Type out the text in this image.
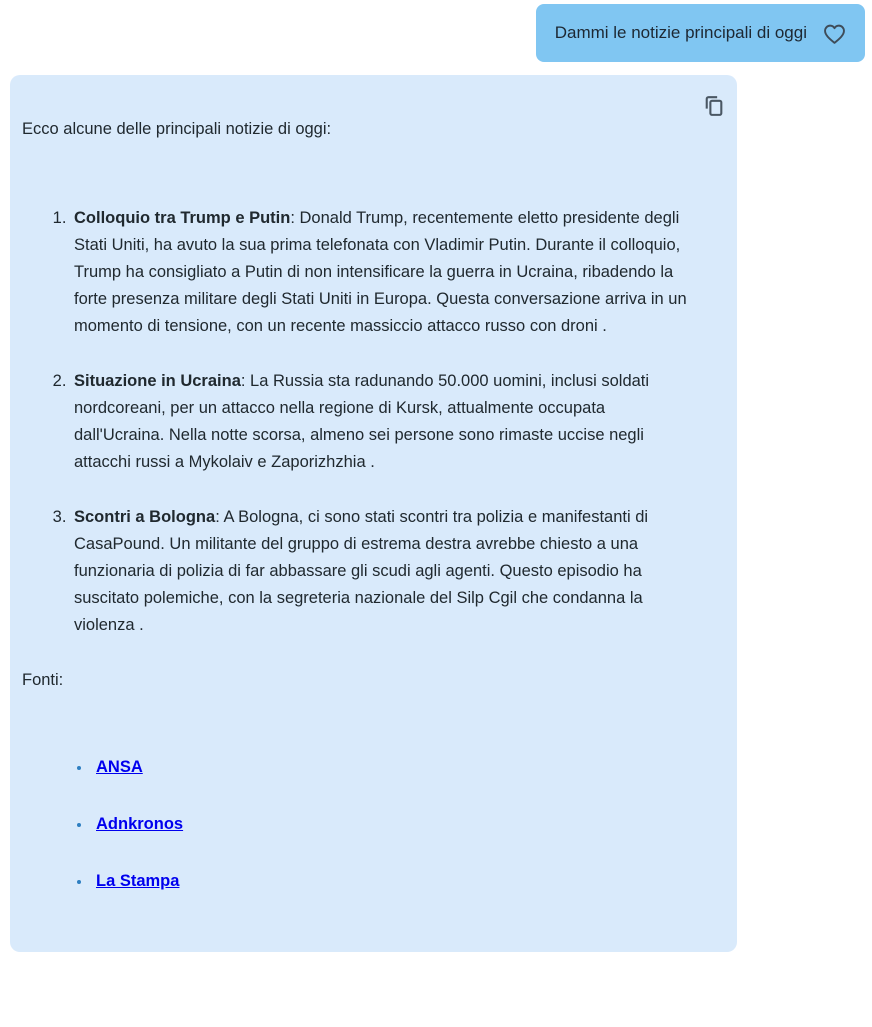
Dammi le notizie principali di oggi

Ecco alcune delle principali notizie di oggi:

1. Colloquio tra Trump e Putin: Donald Trump, recentemente eletto presidente degli Stati Uniti, ha avuto la sua prima telefonata con Vladimir Putin. Durante il colloquio, Trump ha consigliato a Putin di non intensificare la guerra in Ucraina, ribadendo la forte presenza militare degli Stati Uniti in Europa. Questa conversazione arriva in un momento di tensione, con un recente massiccio attacco russo con droni .
2. Situazione in Ucraina: La Russia sta radunando 50.000 uomini, inclusi soldati nordcoreani, per un attacco nella regione di Kursk, attualmente occupata dall'Ucraina. Nella notte scorsa, almeno sei persone sono rimaste uccise negli attacchi russi a Mykolaiv e Zaporizhzhia .
3. Scontri a Bologna: A Bologna, ci sono stati scontri tra polizia e manifestanti di CasaPound. Un militante del gruppo di estrema destra avrebbe chiesto a una funzionaria di polizia di far abbassare gli scudi agli agenti. Questo episodio ha suscitato polemiche, con la segreteria nazionale del Silp Cgil che condanna la violenza .

Fonti:

• ANSA
• Adnkronos
• La Stampa
